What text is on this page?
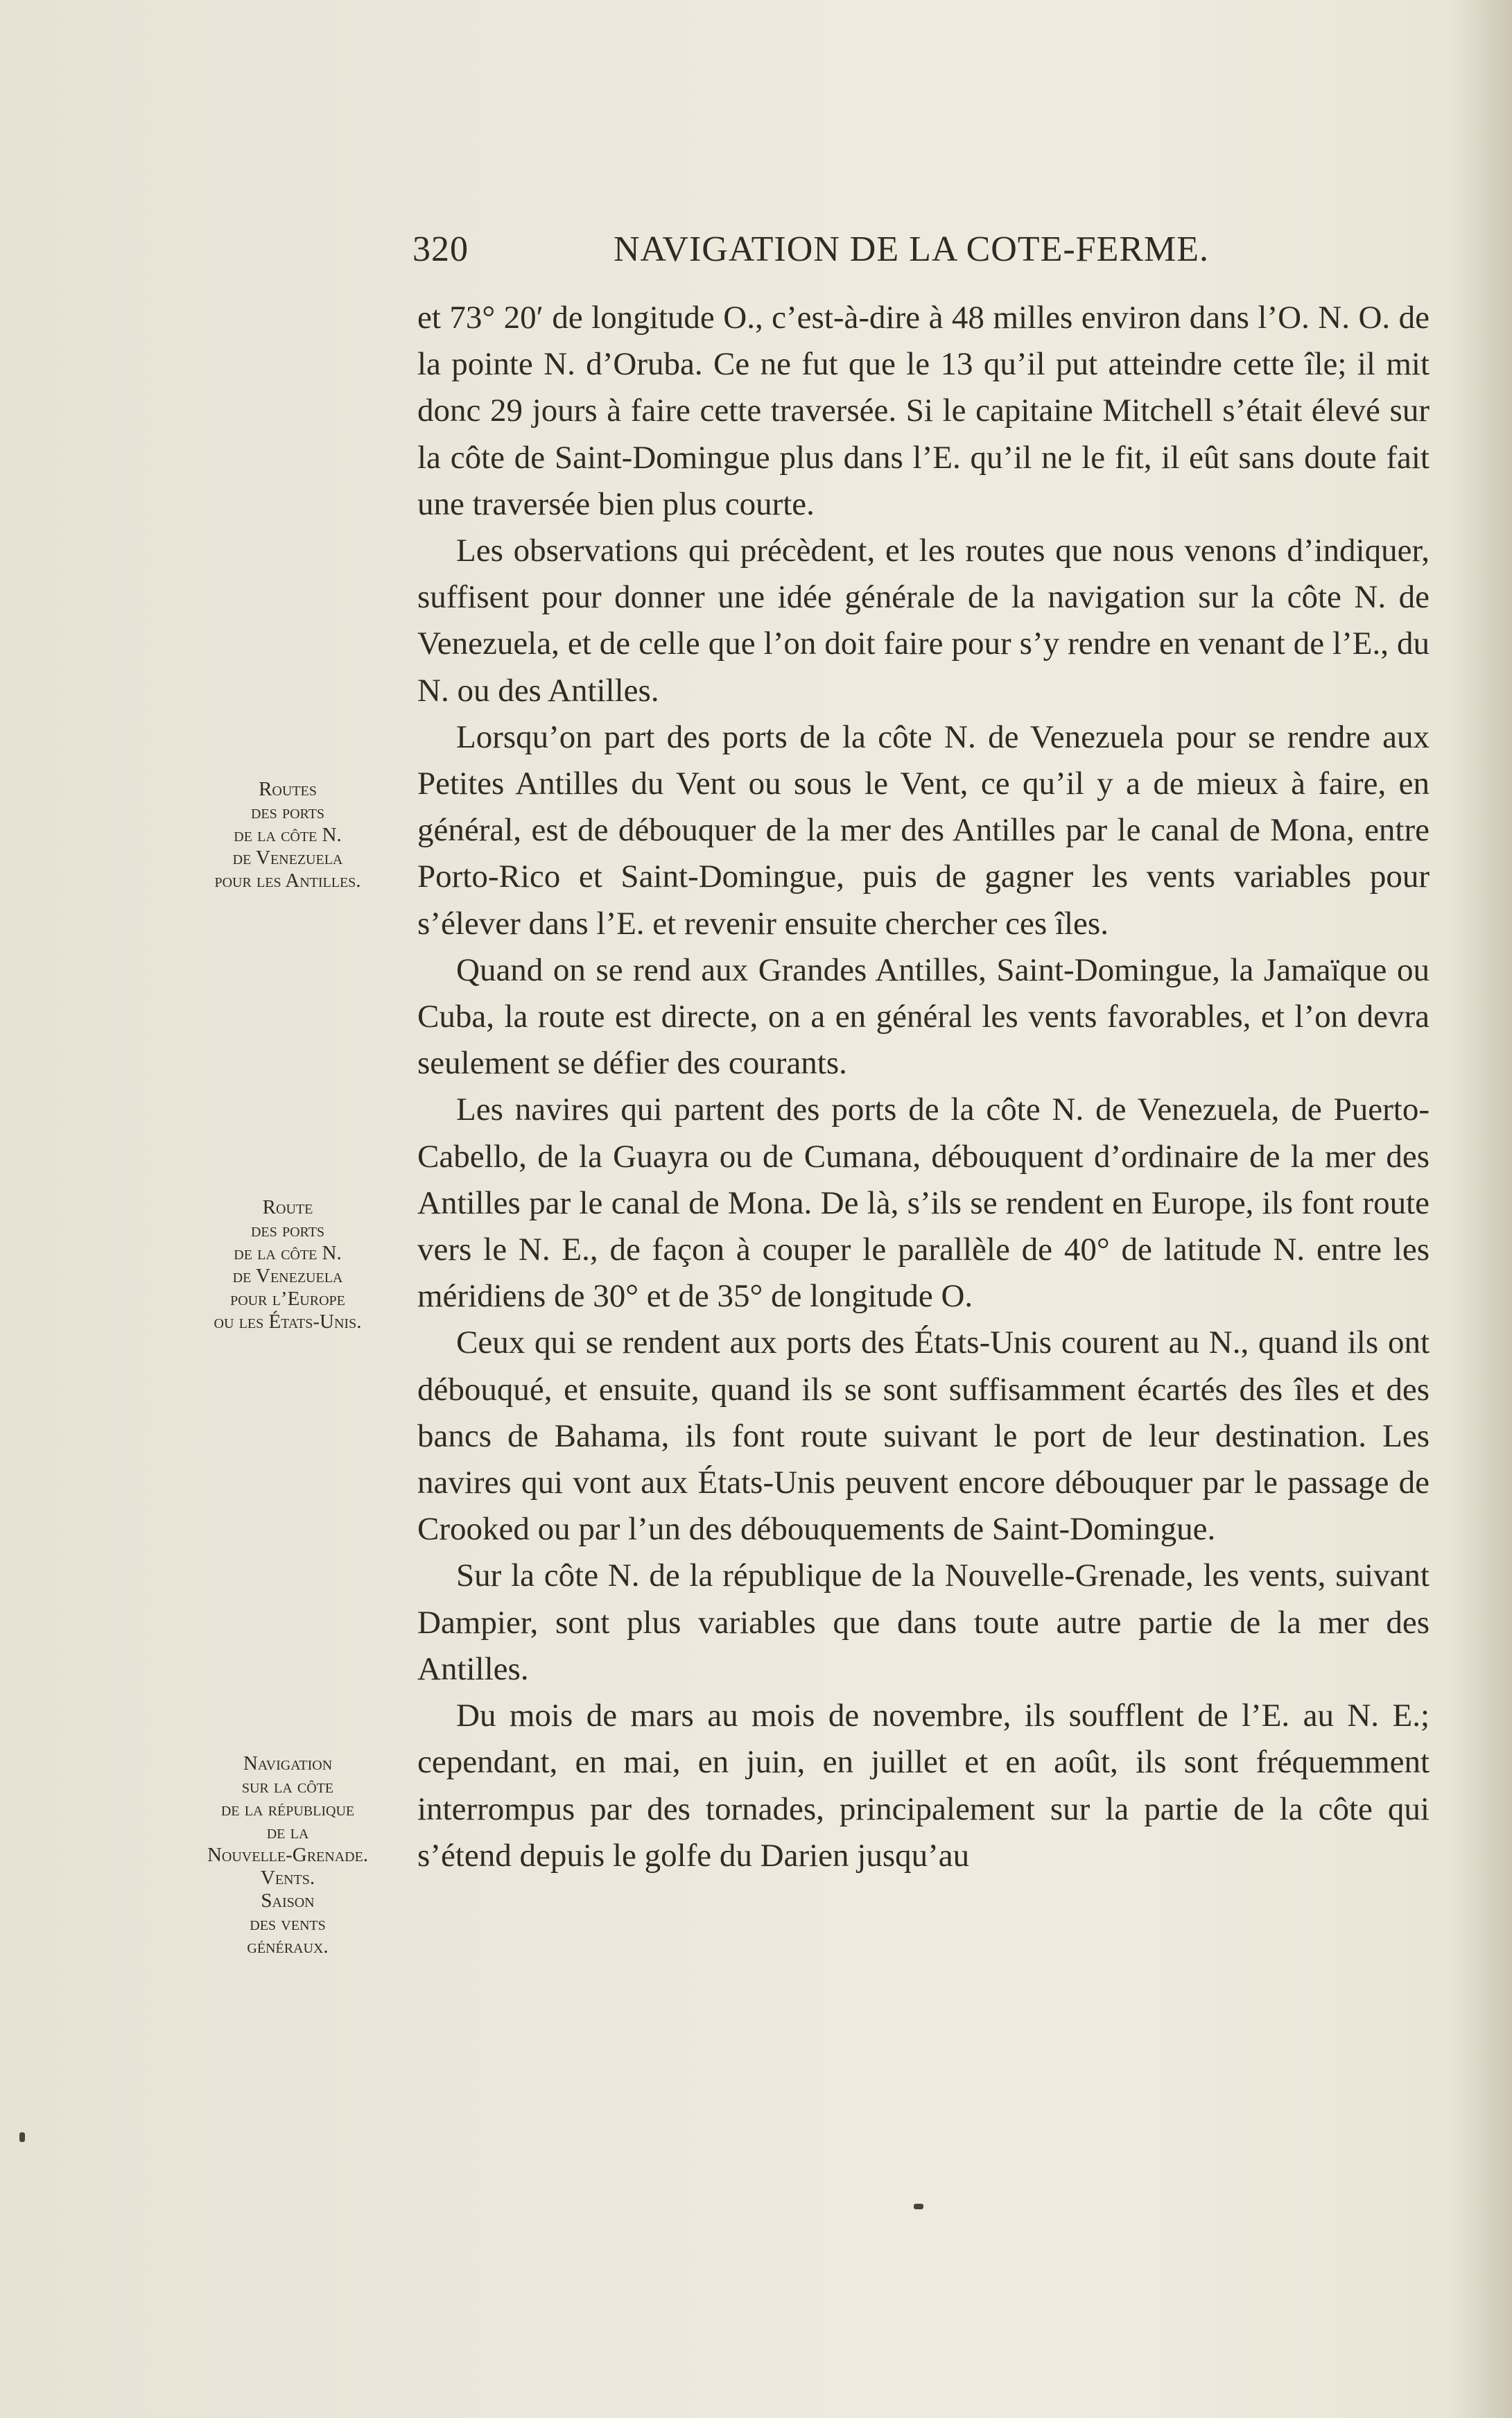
320	NAVIGATION DE LA COTE-FERME.

et 73° 20′ de longitude O., c’est-à-dire à 48 milles environ dans l’O. N. O. de la pointe N. d’Oruba. Ce ne fut que le 13 qu’il put atteindre cette île; il mit donc 29 jours à faire cette traversée. Si le capitaine Mitchell s’était élevé sur la côte de Saint-Domingue plus dans l’E. qu’il ne le fit, il eût sans doute fait une traversée bien plus courte.

Les observations qui précèdent, et les routes que nous venons d’indiquer, suffisent pour donner une idée générale de la navigation sur la côte N. de Venezuela, et de celle que l’on doit faire pour s’y rendre en venant de l’E., du N. ou des Antilles.

Lorsqu’on part des ports de la côte N. de Venezuela pour se rendre aux Petites Antilles du Vent ou sous le Vent, ce qu’il y a de mieux à faire, en général, est de débouquer de la mer des Antilles par le canal de Mona, entre Porto-Rico et Saint-Domingue, puis de gagner les vents variables pour s’élever dans l’E. et revenir ensuite chercher ces îles.

Quand on se rend aux Grandes Antilles, Saint-Domingue, la Jamaïque ou Cuba, la route est directe, on a en général les vents favorables, et l’on devra seulement se défier des courants.

Les navires qui partent des ports de la côte N. de Venezuela, de Puerto-Cabello, de la Guayra ou de Cumana, débouquent d’ordinaire de la mer des Antilles par le canal de Mona. De là, s’ils se rendent en Europe, ils font route vers le N. E., de façon à couper le parallèle de 40° de latitude N. entre les méridiens de 30° et de 35° de longitude O.

Ceux qui se rendent aux ports des États-Unis courent au N., quand ils ont débouqué, et ensuite, quand ils se sont suffisamment écartés des îles et des bancs de Bahama, ils font route suivant le port de leur destination. Les navires qui vont aux États-Unis peuvent encore débouquer par le passage de Crooked ou par l’un des débouquements de Saint-Domingue.

Sur la côte N. de la république de la Nouvelle-Grenade, les vents, suivant Dampier, sont plus variables que dans toute autre partie de la mer des Antilles.

Du mois de mars au mois de novembre, ils soufflent de l’E. au N. E.; cependant, en mai, en juin, en juillet et en août, ils sont fréquemment interrompus par des tornades, principalement sur la partie de la côte qui s’étend depuis le golfe du Darien jusqu’au

Routes
des ports
de la côte N.
de Venezuela
pour les Antilles.
Route
des ports
de la côte N.
de Venezuela
pour l’Europe
ou les États-Unis.
Navigation
sur la côte
de la république
de la
Nouvelle-Grenade.
Vents.
Saison
des vents
généraux.
